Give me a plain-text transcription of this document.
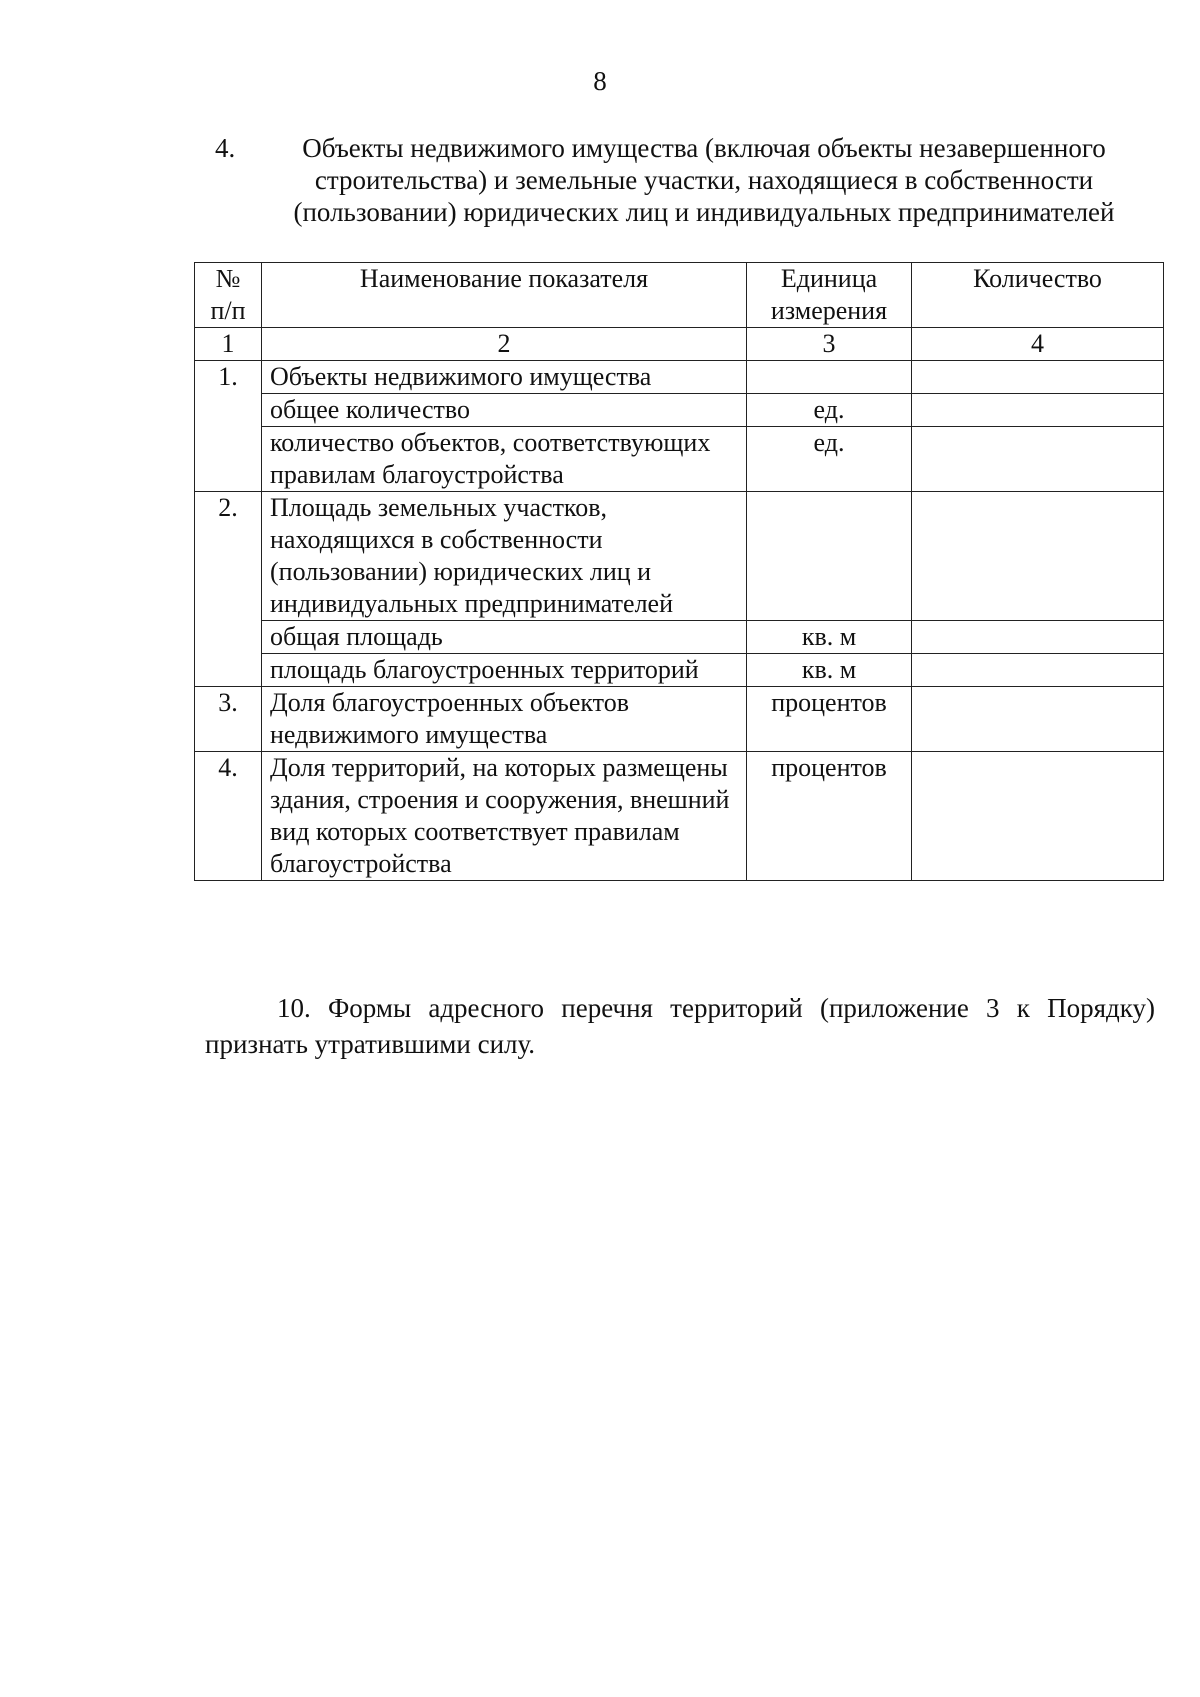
8
4.	Объекты недвижимого имущества (включая объекты незавершенного
строительства) и земельные участки, находящиеся в собственности
(пользовании) юридических лиц и индивидуальных предпринимателей
№ п/п	Наименование показателя	Единица измерения	Количество
1	2	3	4
1.	Объекты недвижимого имущества		
	общее количество	ед.	
	количество объектов, соответствующих правилам благоустройства	ед.	
2.	Площадь земельных участков, находящихся в собственности (пользовании) юридических лиц и индивидуальных предпринимателей		
	общая площадь	кв. м	
	площадь благоустроенных территорий	кв. м	
3.	Доля благоустроенных объектов недвижимого имущества	процентов	
4.	Доля территорий, на которых размещены здания, строения и сооружения, внешний вид которых соответствует правилам благоустройства	процентов	
10. Формы адресного перечня территорий (приложение 3 к Порядку) признать утратившими силу.
